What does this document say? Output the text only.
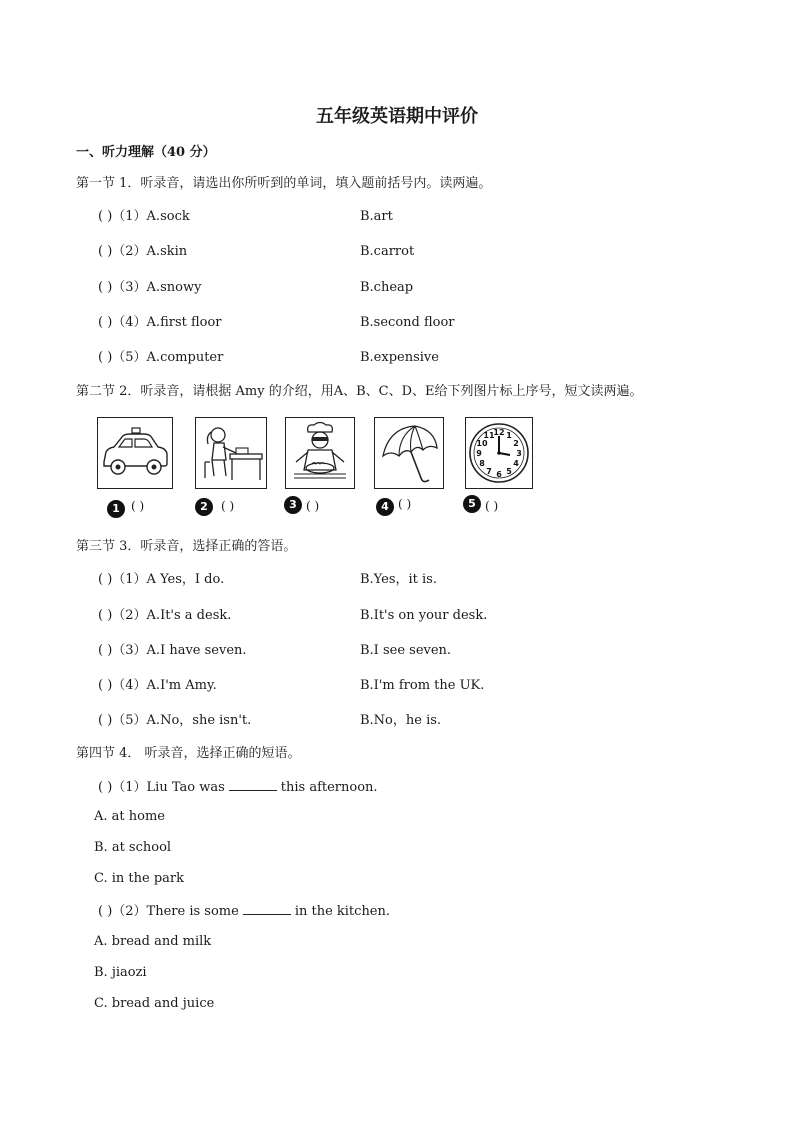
五年级英语期中评价
一、听力理解（40 分）
第一节 1．听录音，请选出你所听到的单词，填入题前括号内。读两遍。
( )（1）A.sock	B.art
( )（2）A.skin	B.carrot
( )（3）A.snowy	B.cheap
( )（4）A.first floor	B.second floor
( )（5）A.computer	B.expensive
第二节 2．听录音，请根据 Amy 的介绍，用A、B、C、D、E给下列图片标上序号，短文读两遍。
12 1
2
3
4
5
6
7
8
9
10
11
1 ( )	2	( )	3 ( )	4 ( )	5 ( )
第三节 3．听录音，选择正确的答语。
( )（1）A Yes，I do.	B.Yes，it is.
( )（2）A.It's a desk.	B.It's on your desk.
( )（3）A.I have seven.	B.I see seven.
( )（4）A.I'm Amy.	B.I'm from the UK.
( )（5）A.No，she isn't.	B.No，he is.
第四节 4． 听录音，选择正确的短语。
( )（1）Liu Tao was	this afternoon.
A. at home
B. at school
C. in the park
( )（2）There is some	in the kitchen.
A. bread and milk
B. jiaozi
C. bread and juice
